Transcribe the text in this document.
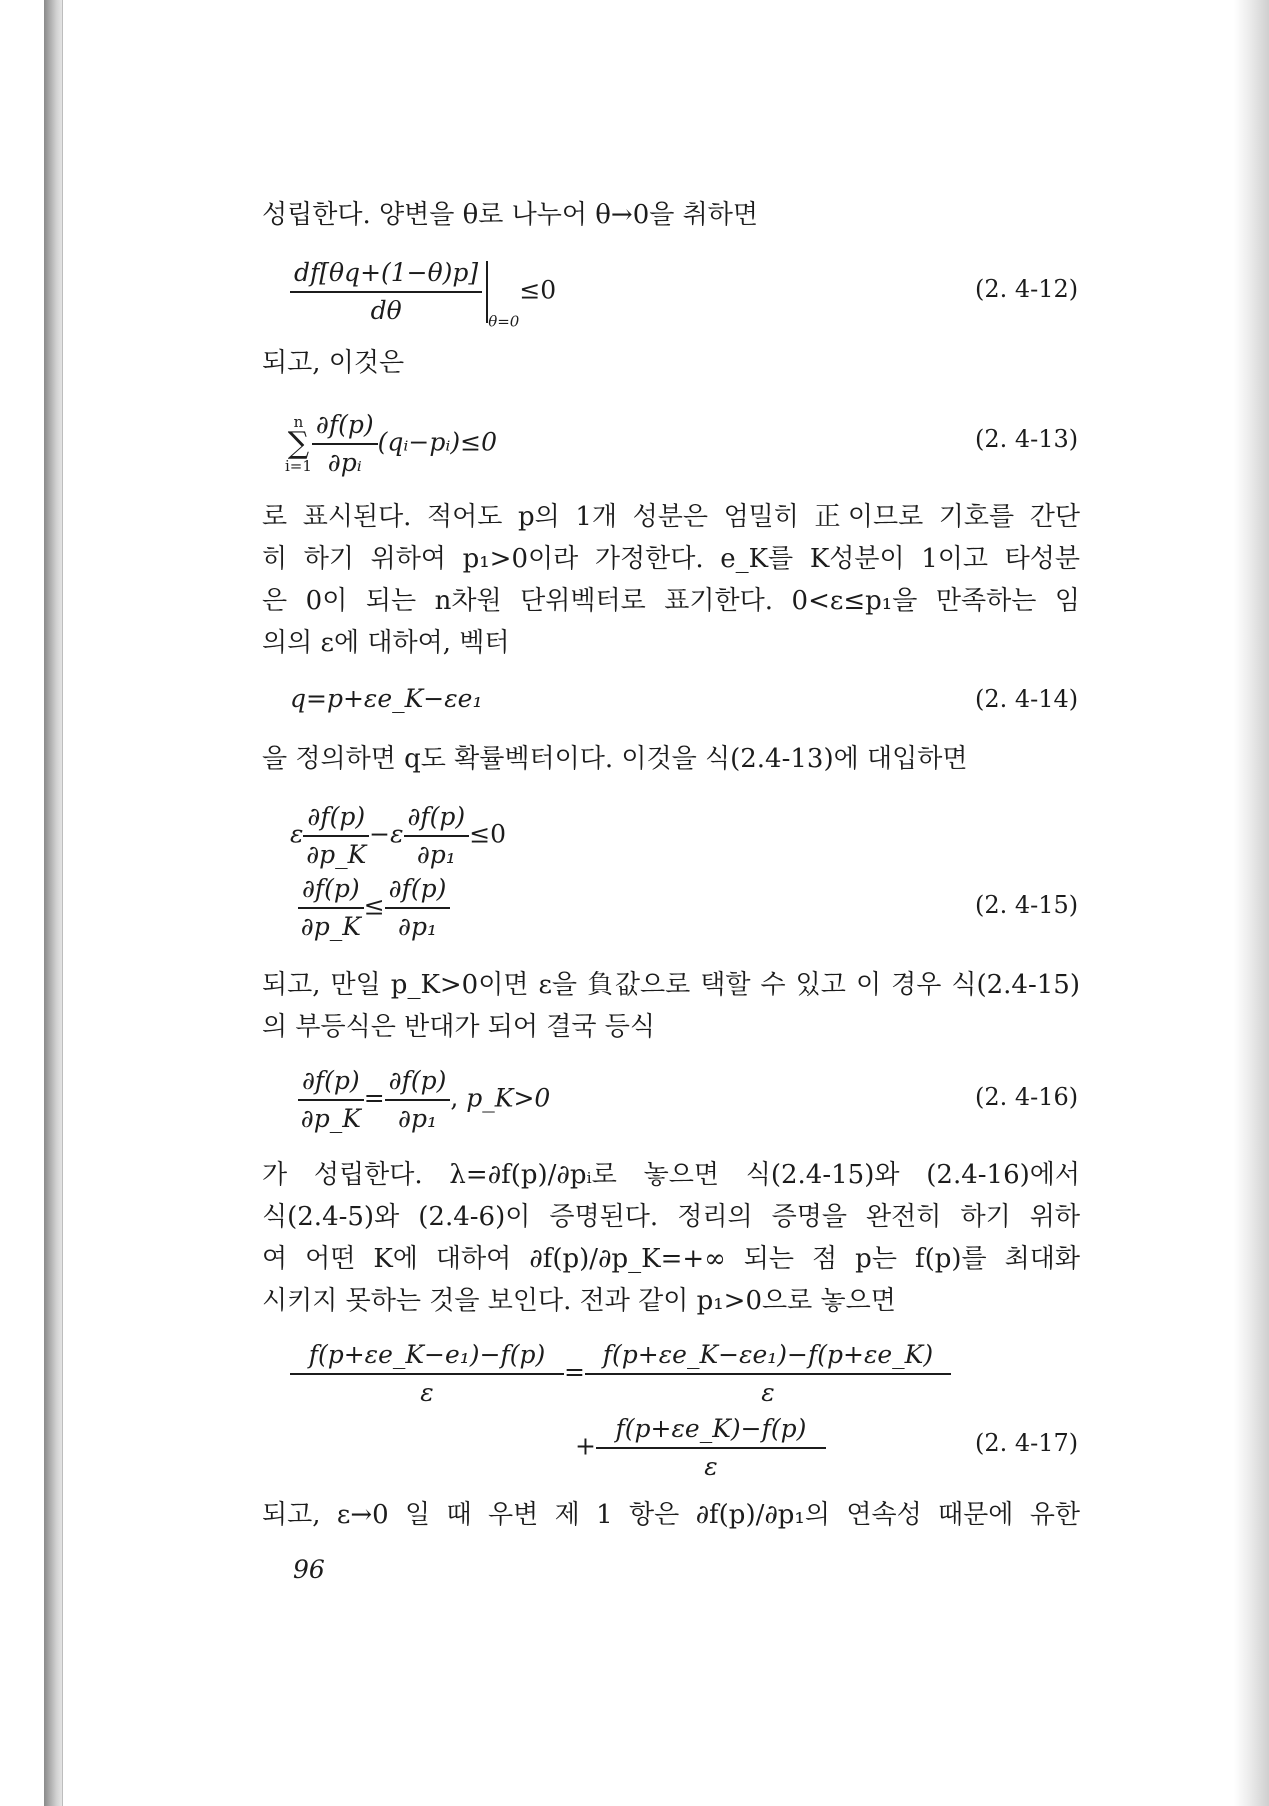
성립한다. 양변을 θ로 나누어 θ→0을 취하면
$\frac{df[\theta q+(1-\theta)p]}{d\theta} _{\theta=0}\le 0$	(2. 4-12)
되고, 이것은
n
∑
$i=1 \frac{\partial f(p)}{\text{∂pᵢ}}$ (qᵢ−pᵢ)≤0	(2. 4-13)
로 표시된다. 적어도 p의 1개 성분은 엄밀히 正이므로 기호를 간단
히 하기 위하여 p₁>0이라 가정한다. e_K를 K성분이 1이고 타성분
은 0이 되는 n차원 단위벡터로 표기한다. 0<ε≤p₁을 만족하는 임
의의 ε에 대하여, 벡터
q=p+εe_K−εe₁	(2. 4-14)
을 정의하면 q도 확률벡터이다. 이것을 식(2.4-13)에 대입하면
ε $\frac{\partial f(p)}{\partial p\_K} -\varepsilon \frac{\partial f(p)}{\text{∂p₁}} \le 0$
$\frac{\partial f(p)}{\partial p\_K} \le \frac{\partial f(p)}{\text{∂p₁}}$	(2. 4-15)
되고, 만일 p_K>0이면 ε을 負값으로 택할 수 있고 이 경우 식(2.4-15)
의 부등식은 반대가 되어 결국 등식
$\frac{\partial f(p)}{\partial p\_K} = \frac{\partial f(p)}{\text{∂p₁}}$ , p_K>0	(2. 4-16)
가 성립한다. λ=∂f(p)/∂pᵢ로 놓으면 식(2.4-15)와 (2.4-16)에서
식(2.4-5)와 (2.4-6)이 증명된다. 정리의 증명을 완전히 하기 위하
여 어떤 K에 대하여 ∂f(p)/∂p_K=+∞ 되는 점 p는 f(p)를 최대화
시키지 못하는 것을 보인다. 전과 같이 p₁>0으로 놓으면
$\frac{\text{f(p+εe\_K−e₁)−f(p)}}{\varepsilon} = \frac{\text{f(p+εe\_K−εe₁)−f(p+εe\_K)}}{\varepsilon}$
+ $\frac{f(p+\varepsilon e\_K)-f(p)}{\varepsilon}$	(2. 4-17)
되고, ε→0 일 때 우변 제 1 항은 ∂f(p)/∂p₁의 연속성 때문에 유한
96
